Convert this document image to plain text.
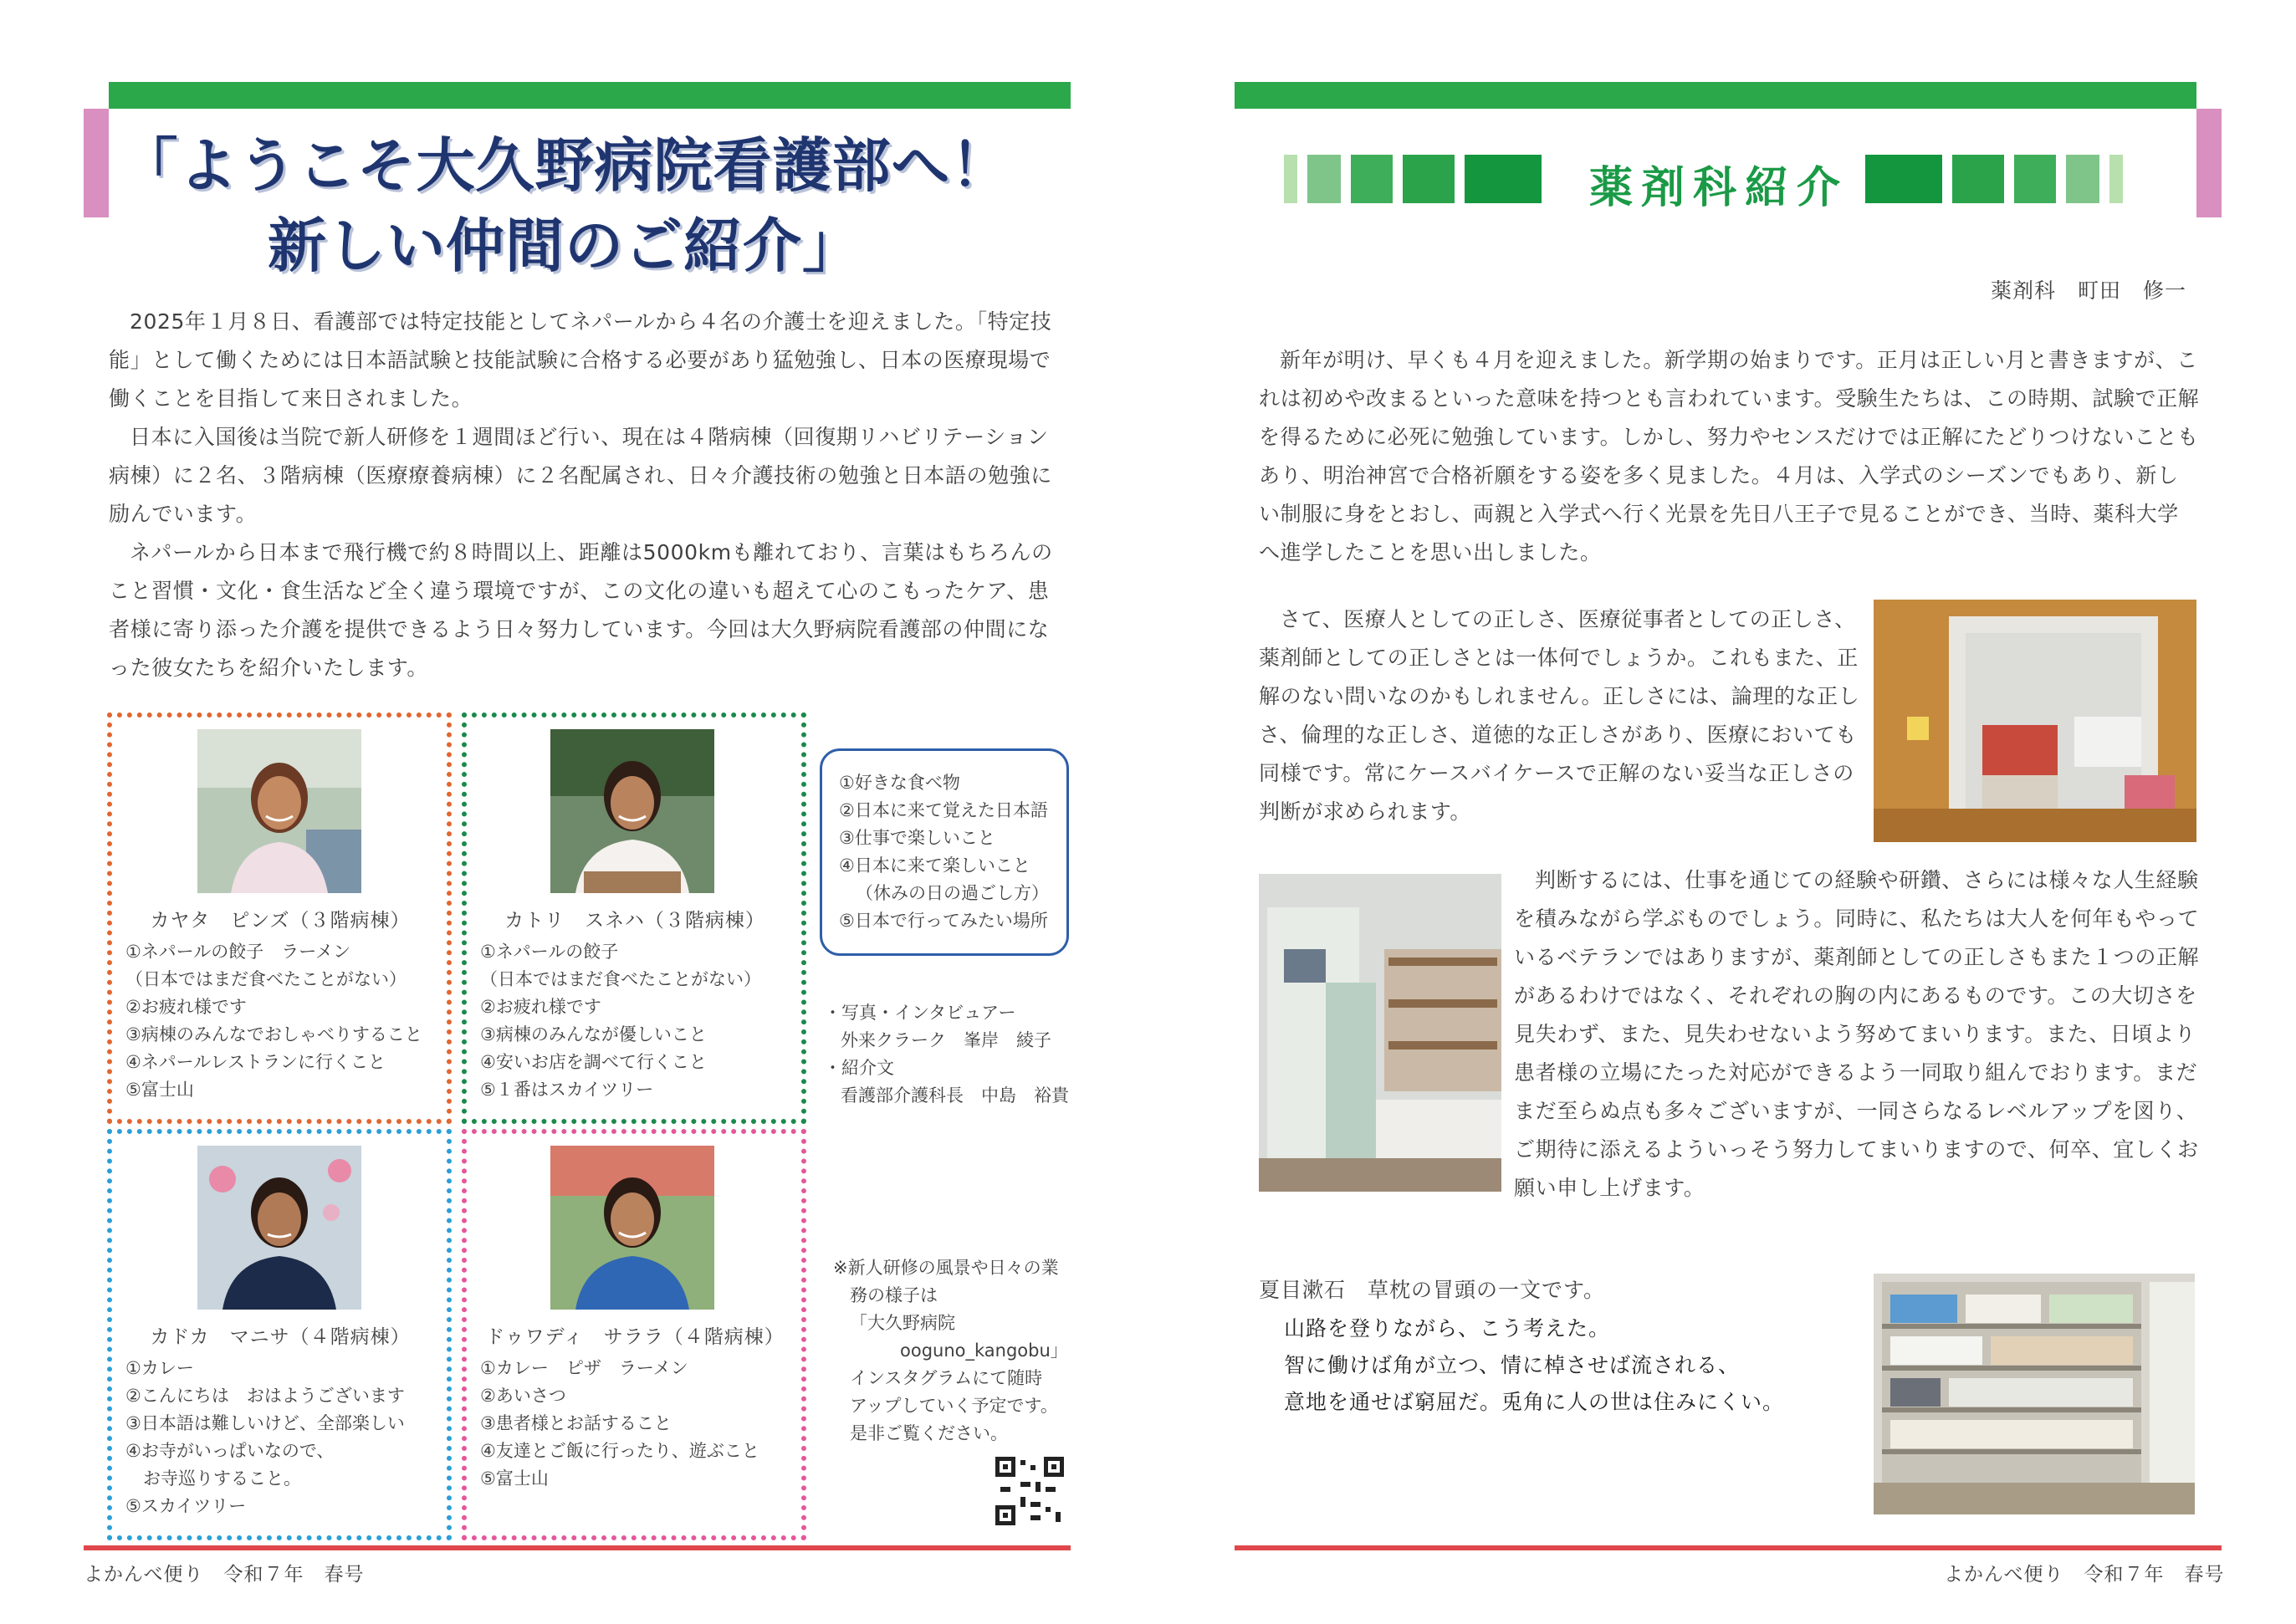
「ようこそ大久野病院看護部へ！
新しい仲間のご紹介」

2025年１月８日、看護部では特定技能としてネパールから４名の介護士を迎えました。「特定技能」として働くためには日本語試験と技能試験に合格する必要があり猛勉強し、日本の医療現場で働くことを目指して来日されました。

日本に入国後は当院で新人研修を１週間ほど行い、現在は４階病棟（回復期リハビリテーション病棟）に２名、３階病棟（医療療養病棟）に２名配属され、日々介護技術の勉強と日本語の勉強に励んでいます。

ネパールから日本まで飛行機で約８時間以上、距離は5000kmも離れており、言葉はもちろんのこと習慣・文化・食生活など全く違う環境ですが、この文化の違いも超えて心のこもったケア、患者様に寄り添った介護を提供できるよう日々努力しています。今回は大久野病院看護部の仲間になった彼女たちを紹介いたします。

カヤタ　ピンズ（３階病棟）
①ネパールの餃子　ラーメン
（日本ではまだ食べたことがない）
②お疲れ様です
③病棟のみんなでおしゃべりすること
④ネパールレストランに行くこと
⑤富士山
カトリ　スネハ（３階病棟）
①ネパールの餃子
（日本ではまだ食べたことがない）
②お疲れ様です
③病棟のみんなが優しいこと
④安いお店を調べて行くこと
⑤１番はスカイツリー
カドカ　マニサ（４階病棟）
①カレー
②こんにちは　おはようございます
③日本語は難しいけど、全部楽しい
④お寺がいっぱいなので、
　お寺巡りすること。
⑤スカイツリー
ドゥワディ　サララ（４階病棟）
①カレー　ピザ　ラーメン
②あいさつ
③患者様とお話すること
④友達とご飯に行ったり、遊ぶこと
⑤富士山
①好きな食べ物
②日本に来て覚えた日本語
③仕事で楽しいこと
④日本に来て楽しいこと
（休みの日の過ごし方）
⑤日本で行ってみたい場所
・写真・インタビュアー
外来クラーク　峯岸　綾子
・紹介文
看護部介護科長　中島　裕貴
※新人研修の風景や日々の業
務の様子は
「大久野病院
ooguno_kangobu」
インスタグラムにて随時
アップしていく予定です。
是非ご覧ください。
よかんべ便り　令和７年　春号
薬剤科紹介
薬剤科　町田　修一

新年が明け、早くも４月を迎えました。新学期の始まりです。正月は正しい月と書きますが、これは初めや改まるといった意味を持つとも言われています。受験生たちは、この時期、試験で正解を得るために必死に勉強しています。しかし、努力やセンスだけでは正解にたどりつけないこともあり、明治神宮で合格祈願をする姿を多く見ました。４月は、入学式のシーズンでもあり、新しい制服に身をとおし、両親と入学式へ行く光景を先日八王子で見ることができ、当時、薬科大学へ進学したことを思い出しました。

さて、医療人としての正しさ、医療従事者としての正しさ、薬剤師としての正しさとは一体何でしょうか。これもまた、正解のない問いなのかもしれません。正しさには、論理的な正しさ、倫理的な正しさ、道徳的な正しさがあり、医療においても同様です。常にケースバイケースで正解のない妥当な正しさの判断が求められます。

判断するには、仕事を通じての経験や研鑽、さらには様々な人生経験を積みながら学ぶものでしょう。同時に、私たちは大人を何年もやっているベテランではありますが、薬剤師としての正しさもまた１つの正解があるわけではなく、それぞれの胸の内にあるものです。この大切さを見失わず、また、見失わせないよう努めてまいります。また、日頃より患者様の立場にたった対応ができるよう一同取り組んでおります。まだまだ至らぬ点も多々ございますが、一同さらなるレベルアップを図り、ご期待に添えるよういっそう努力してまいりますので、何卒、宜しくお願い申し上げます。

夏目漱石　草枕の冒頭の一文です。
山路を登りながら、こう考えた。
智に働けば角が立つ、情に棹させば流される、
意地を通せば窮屈だ。兎角に人の世は住みにくい。
よかんべ便り　令和７年　春号
